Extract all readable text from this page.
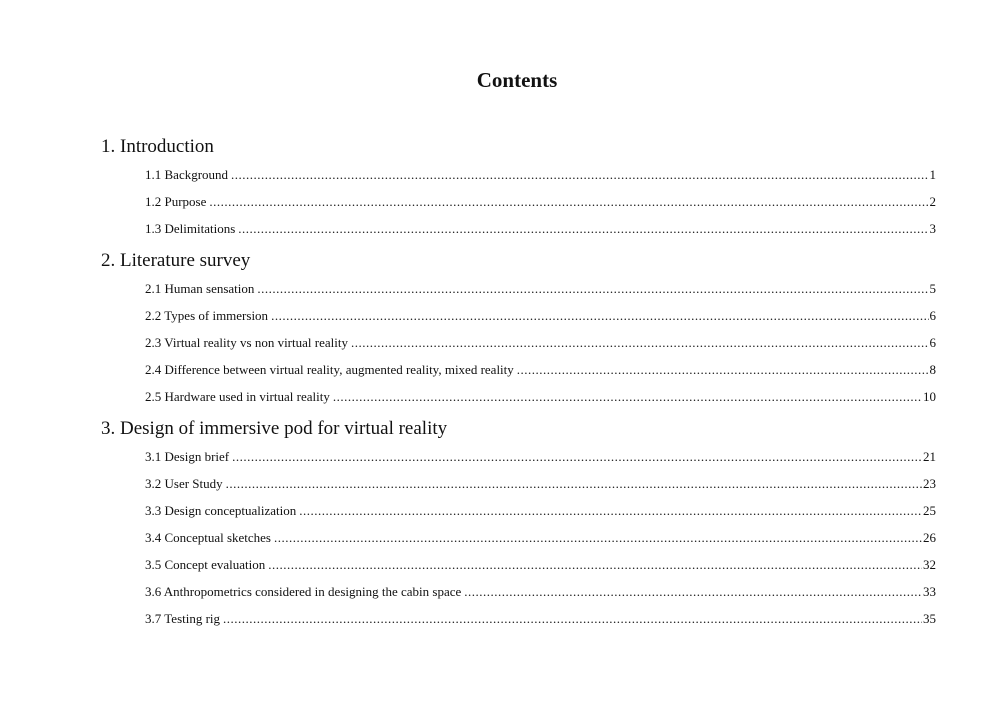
Contents
1. Introduction
1.1 Background .....	1
1.2 Purpose .....	2
1.3 Delimitations .....	3
2. Literature survey
2.1 Human sensation .....	5
2.2 Types of immersion .....	6
2.3 Virtual reality vs non virtual reality .....	6
2.4 Difference between virtual reality, augmented reality, mixed reality .....	8
2.5 Hardware used in virtual reality .....	10
3. Design of immersive pod for virtual reality
3.1 Design brief .....	21
3.2 User Study .....	23
3.3 Design conceptualization .....	25
3.4 Conceptual sketches .....	26
3.5 Concept evaluation .....	32
3.6 Anthropometrics considered in designing the cabin space .....	33
3.7 Testing rig .....	35
